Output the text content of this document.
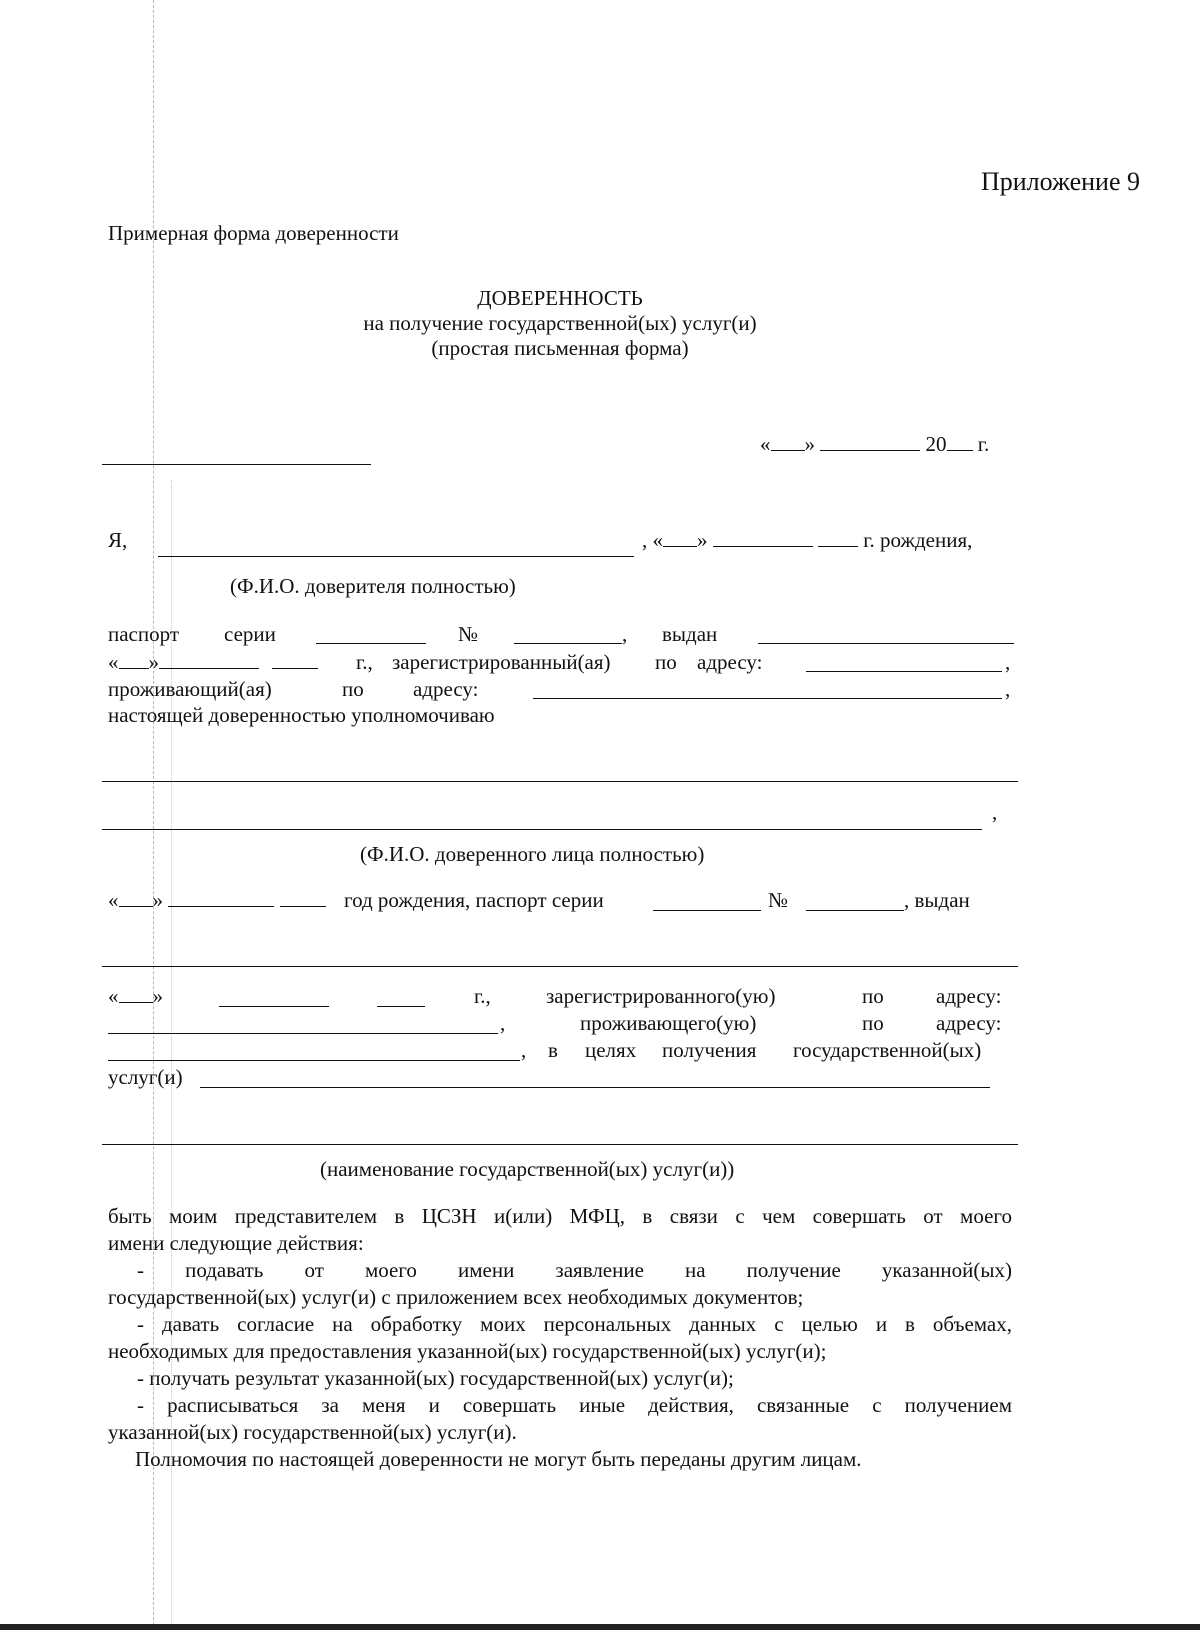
Приложение 9
Примерная форма доверенности
ДОВЕРЕННОСТЬ
на получение государственной(ых) услуг(и)
(простая письменная форма)
« »	20 г.
Я,	, « »	г. рождения,
(Ф.И.О. доверителя полностью)
паспорт серии	№	, выдан
« »	г., зарегистрированный(ая) по адресу:	,
проживающий(ая)	по адресу:	,
настоящей доверенностью уполномочиваю
,
(Ф.И.О. доверенного лица полностью)
« »	год рождения, паспорт серии	№	, выдан
« »	г.,	зарегистрированного(ую)	по адресу:
,	проживающего(ую)	по адресу:
, в целях получения государственной(ых)
услуг(и)
(наименование государственной(ых) услуг(и))
быть моим представителем в ЦСЗН и(или) МФЦ, в связи с чем совершать от моего
имени следующие действия:
-   подавать   от   моего   имени   заявление   на   получение   указанной(ых)
государственной(ых) услуг(и) с приложением всех необходимых документов;
- давать согласие на обработку моих персональных данных с целью и в объемах,
необходимых для предоставления указанной(ых) государственной(ых) услуг(и);
- получать результат указанной(ых) государственной(ых) услуг(и);
- расписываться за меня и совершать иные действия, связанные с получением
указанной(ых) государственной(ых) услуг(и).
Полномочия по настоящей доверенности не могут быть переданы другим лицам.
